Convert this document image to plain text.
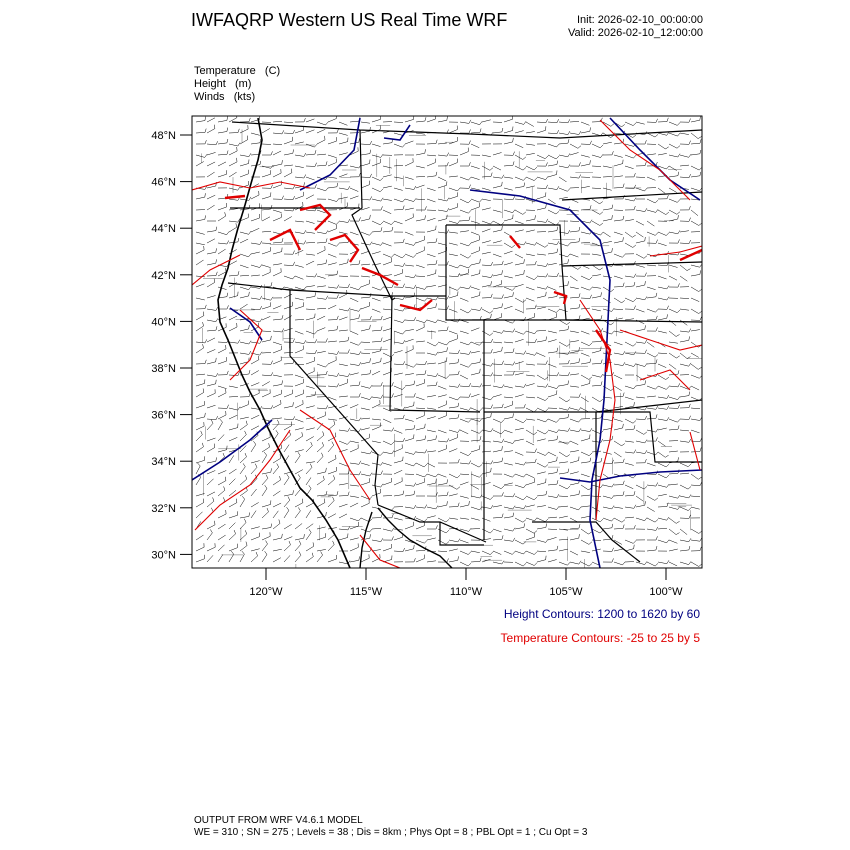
IWFAQRP Western US Real Time WRF	Init: 2026-02-10_00:00:00
Valid: 2026-02-10_12:00:00
Temperature   (C)
Height   (m)
Winds   (kts)
48°N
46°N
44°N
42°N
40°N
38°N
36°N
34°N
32°N
30°N
120°W	115°W	110°W	105°W	100°W
Height Contours: 1200 to 1620 by 60
Temperature Contours: -25 to 25 by 5
OUTPUT FROM WRF V4.6.1 MODEL
WE = 310 ; SN = 275 ; Levels = 38 ; Dis = 8km ; Phys Opt = 8 ; PBL Opt = 1 ; Cu Opt = 3
